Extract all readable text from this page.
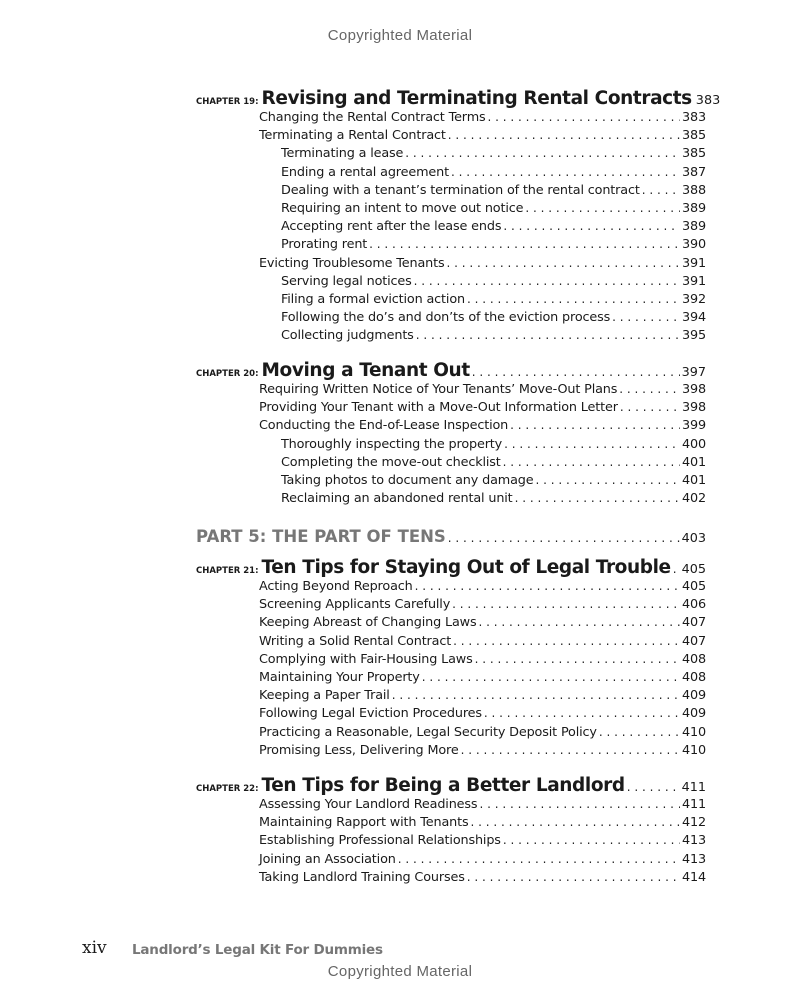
Copyrighted Material
CHAPTER 19: Revising and Terminating Rental Contracts 383
Changing the Rental Contract Terms . . .	383
Terminating a Rental Contract . . .	385
Terminating a lease . . .	385
Ending a rental agreement . . .	387
Dealing with a tenant’s termination of the rental contract . . .	388
Requiring an intent to move out notice . . .	389
Accepting rent after the lease ends . . .	389
Prorating rent . . .	390
Evicting Troublesome Tenants . . .	391
Serving legal notices . . .	391
Filing a formal eviction action . . .	392
Following the do’s and don’ts of the eviction process . . .	394
Collecting judgments . . .	395
CHAPTER 20: Moving a Tenant Out . . .	397
Requiring Written Notice of Your Tenants’ Move-Out Plans . . .	398
Providing Your Tenant with a Move-Out Information Letter . . .	398
Conducting the End-of-Lease Inspection . . .	399
Thoroughly inspecting the property . . .	400
Completing the move-out checklist . . .	401
Taking photos to document any damage . . .	401
Reclaiming an abandoned rental unit . . .	402
PART 5: THE PART OF TENS . . .	403
CHAPTER 21: Ten Tips for Staying Out of Legal Trouble . . . 405
Acting Beyond Reproach . . .	405
Screening Applicants Carefully . . .	406
Keeping Abreast of Changing Laws . . .	407
Writing a Solid Rental Contract . . .	407
Complying with Fair-Housing Laws . . .	408
Maintaining Your Property . . .	408
Keeping a Paper Trail . . .	409
Following Legal Eviction Procedures . . .	409
Practicing a Reasonable, Legal Security Deposit Policy . . .	410
Promising Less, Delivering More . . .	410
CHAPTER 22: Ten Tips for Being a Better Landlord . . .	411
Assessing Your Landlord Readiness . . .	411
Maintaining Rapport with Tenants . . .	412
Establishing Professional Relationships . . .	413
Joining an Association . . .	413
Taking Landlord Training Courses . . .	414
xiv Landlord’s Legal Kit For Dummies
Copyrighted Material
